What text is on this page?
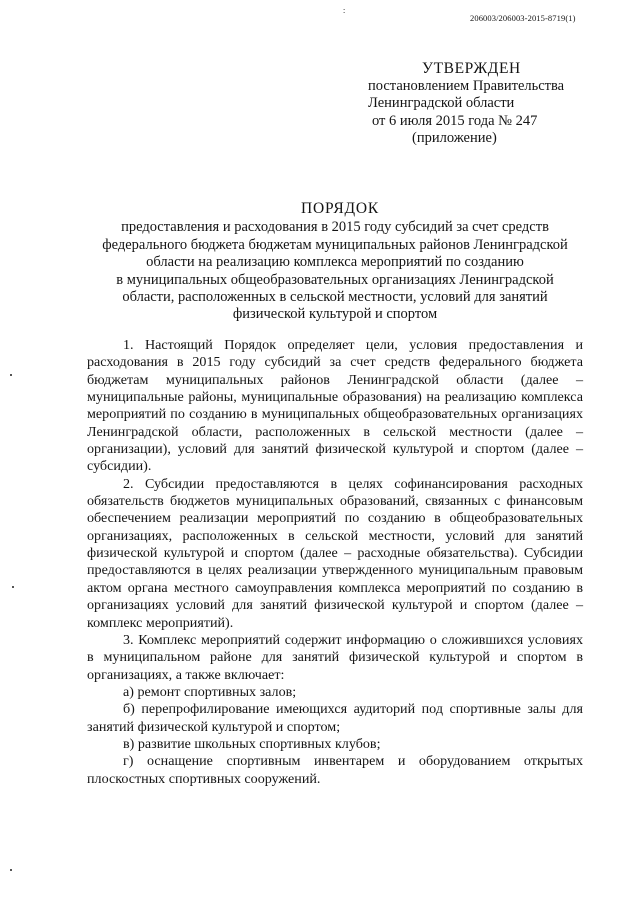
:
206003/206003-2015-8719(1)
УТВЕРЖДЕН
постановлением Правительства
Ленинградской области
от 6 июля 2015 года № 247
(приложение)
ПОРЯДОК
предоставления и расходования в 2015 году субсидий за счет средств
федерального бюджета бюджетам муниципальных районов Ленинградской
области на реализацию комплекса мероприятий по созданию
в муниципальных общеобразовательных организациях Ленинградской
области, расположенных в сельской местности, условий для занятий
физической культурой и спортом

1. Настоящий Порядок определяет цели, условия предоставления и расходования в 2015 году субсидий за счет средств федерального бюджета бюджетам муниципальных районов Ленинградской области (далее – муниципальные районы, муниципальные образования) на реализацию комплекса мероприятий по созданию в муниципальных общеобразовательных организациях Ленинградской области, расположенных в сельской местности (далее – организации), условий для занятий физической культурой и спортом (далее – субсидии).

2. Субсидии предоставляются в целях софинансирования расходных обязательств бюджетов муниципальных образований, связанных с финансовым обеспечением реализации мероприятий по созданию в общеобразовательных организациях, расположенных в сельской местности, условий для занятий физической культурой и спортом (далее – расходные обязательства). Субсидии предоставляются в целях реализации утвержденного муниципальным правовым актом органа местного самоуправления комплекса мероприятий по созданию в организациях условий для занятий физической культурой и спортом (далее – комплекс мероприятий).

3. Комплекс мероприятий содержит информацию о сложившихся условиях в муниципальном районе для занятий физической культурой и спортом в организациях, а также включает:

а) ремонт спортивных залов;

б) перепрофилирование имеющихся аудиторий под спортивные залы для занятий физической культурой и спортом;

в) развитие школьных спортивных клубов;

г) оснащение спортивным инвентарем и оборудованием открытых плоскостных спортивных сооружений.
